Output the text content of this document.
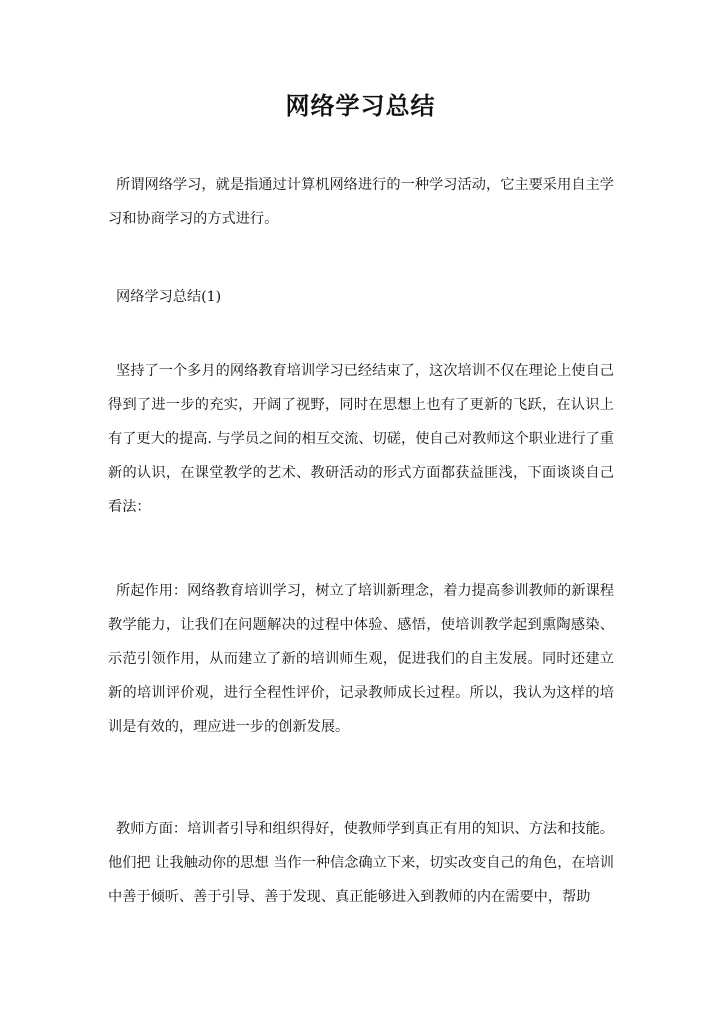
网络学习总结

所谓网络学习，就是指通过计算机网络进行的一种学习活动，它主要采用自主学习和协商学习的方式进行。

网络学习总结(1)

坚持了一个多月的网络教育培训学习已经结束了，这次培训不仅在理论上使自己得到了进一步的充实，开阔了视野，同时在思想上也有了更新的飞跃，在认识上有了更大的提高. 与学员之间的相互交流、切磋，使自己对教师这个职业进行了重新的认识，在课堂教学的艺术、教研活动的形式方面都获益匪浅，下面谈谈自己看法：

所起作用：网络教育培训学习，树立了培训新理念，着力提高参训教师的新课程教学能力，让我们在问题解决的过程中体验、感悟，使培训教学起到熏陶感染、示范引领作用，从而建立了新的培训师生观，促进我们的自主发展。同时还建立新的培训评价观，进行全程性评价，记录教师成长过程。所以，我认为这样的培训是有效的，理应进一步的创新发展。

教师方面：培训者引导和组织得好，使教师学到真正有用的知识、方法和技能。他们把 让我触动你的思想 当作一种信念确立下来，切实改变自己的角色，在培训中善于倾听、善于引导、善于发现、真正能够进入到教师的内在需要中，帮助
